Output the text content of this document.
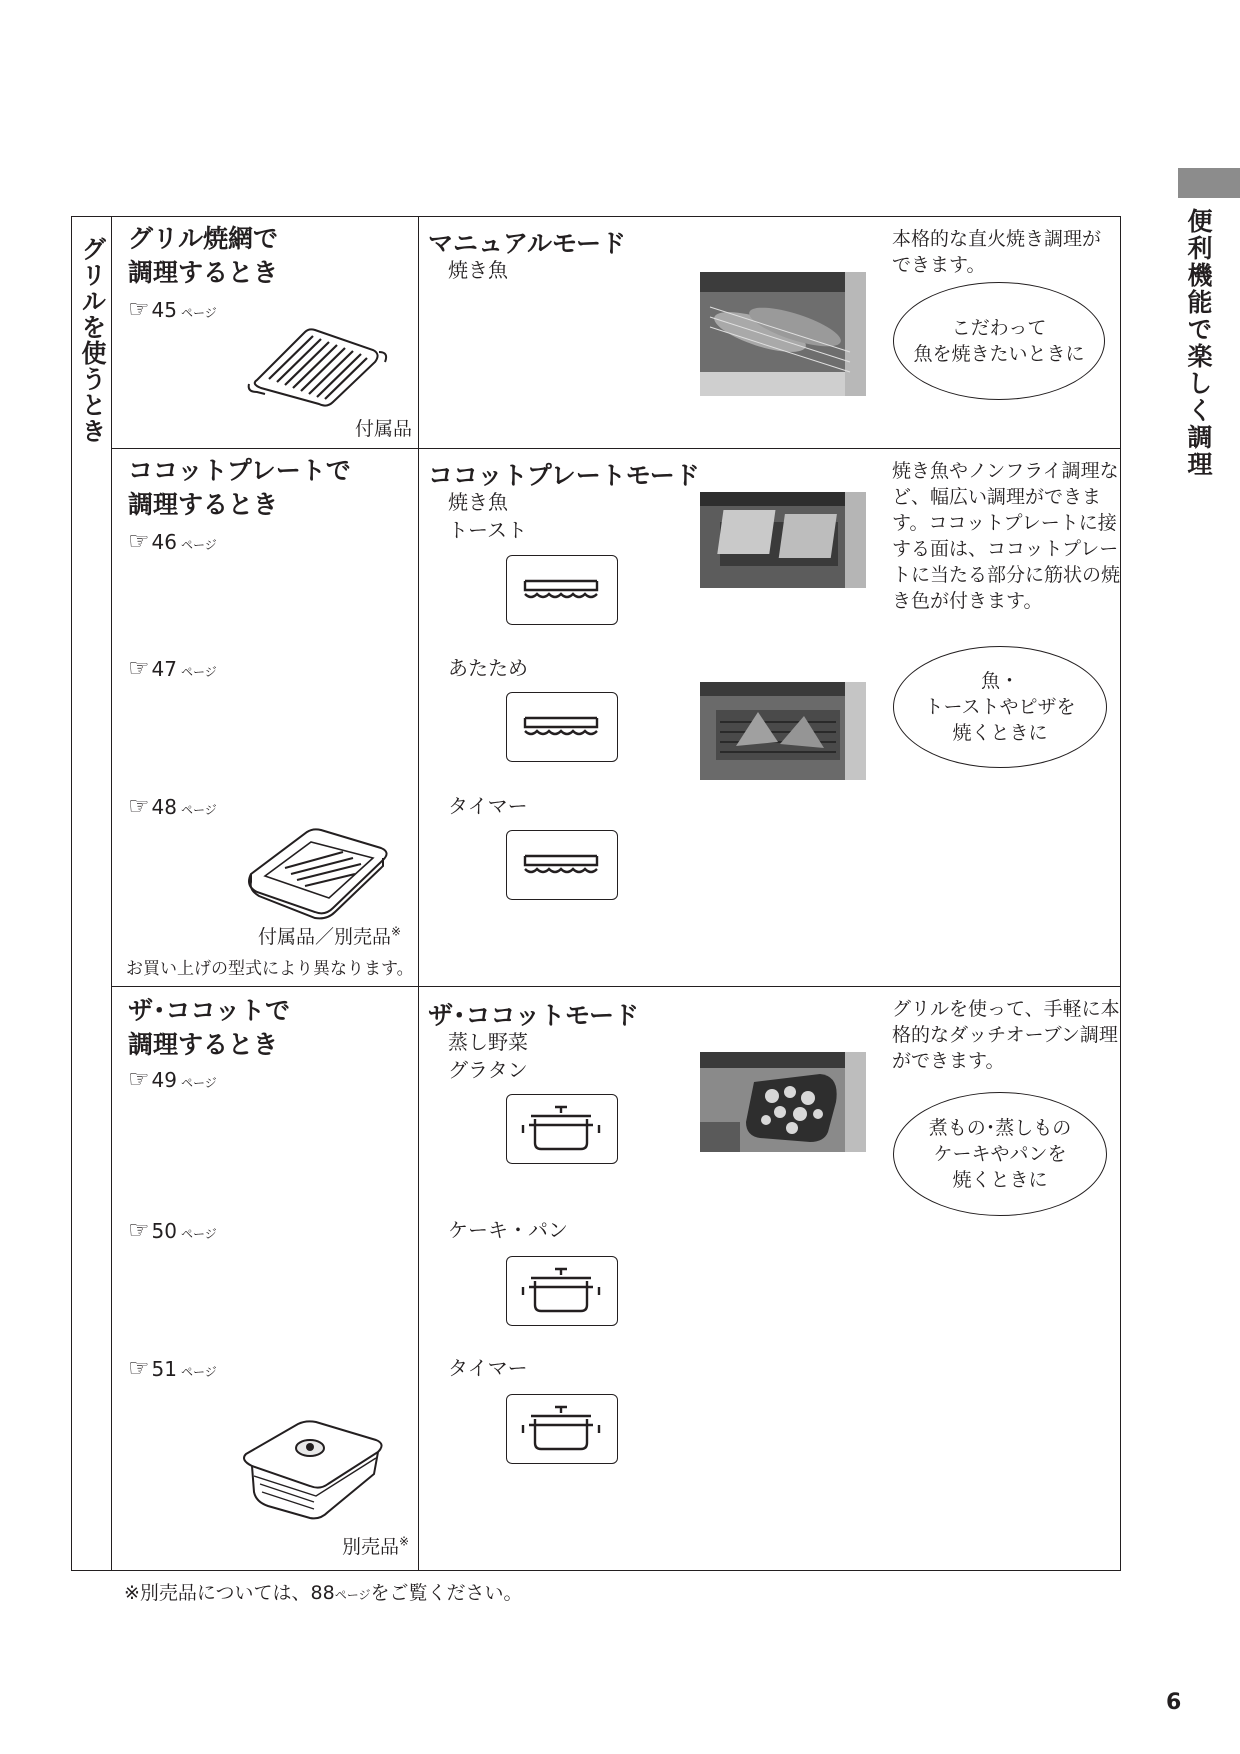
便利機能で楽しく調理
グリルを使うとき グリル焼網で
調理するとき
☞ 45 ページ
付属品
マニュアルモード
焼き魚
本格的な直火焼き調理ができます。
こだわって
魚を焼きたいときに
ココットプレートで
調理するとき
☞ 46 ページ
☞ 47 ページ
☞ 48 ページ
付属品／別売品※
お買い上げの型式により異なります。
ココットプレートモード
焼き魚
トースト
あたため
タイマー
焼き魚やノンフライ調理など、幅広い調理ができます。ココットプレートに接する面は、ココットプレートに当たる部分に筋状の焼き色が付きます。
魚・
トーストやピザを
焼くときに
ザ･ココットで
調理するとき
☞ 49 ページ
☞ 50 ページ
☞ 51 ページ
別売品※
ザ･ココットモード
蒸し野菜
グラタン
ケーキ・パン
タイマー
グリルを使って、手軽に本格的なダッチオーブン調理ができます。
煮もの･蒸しもの
ケーキやパンを
焼くときに
※別売品については、88ページをご覧ください。
6
